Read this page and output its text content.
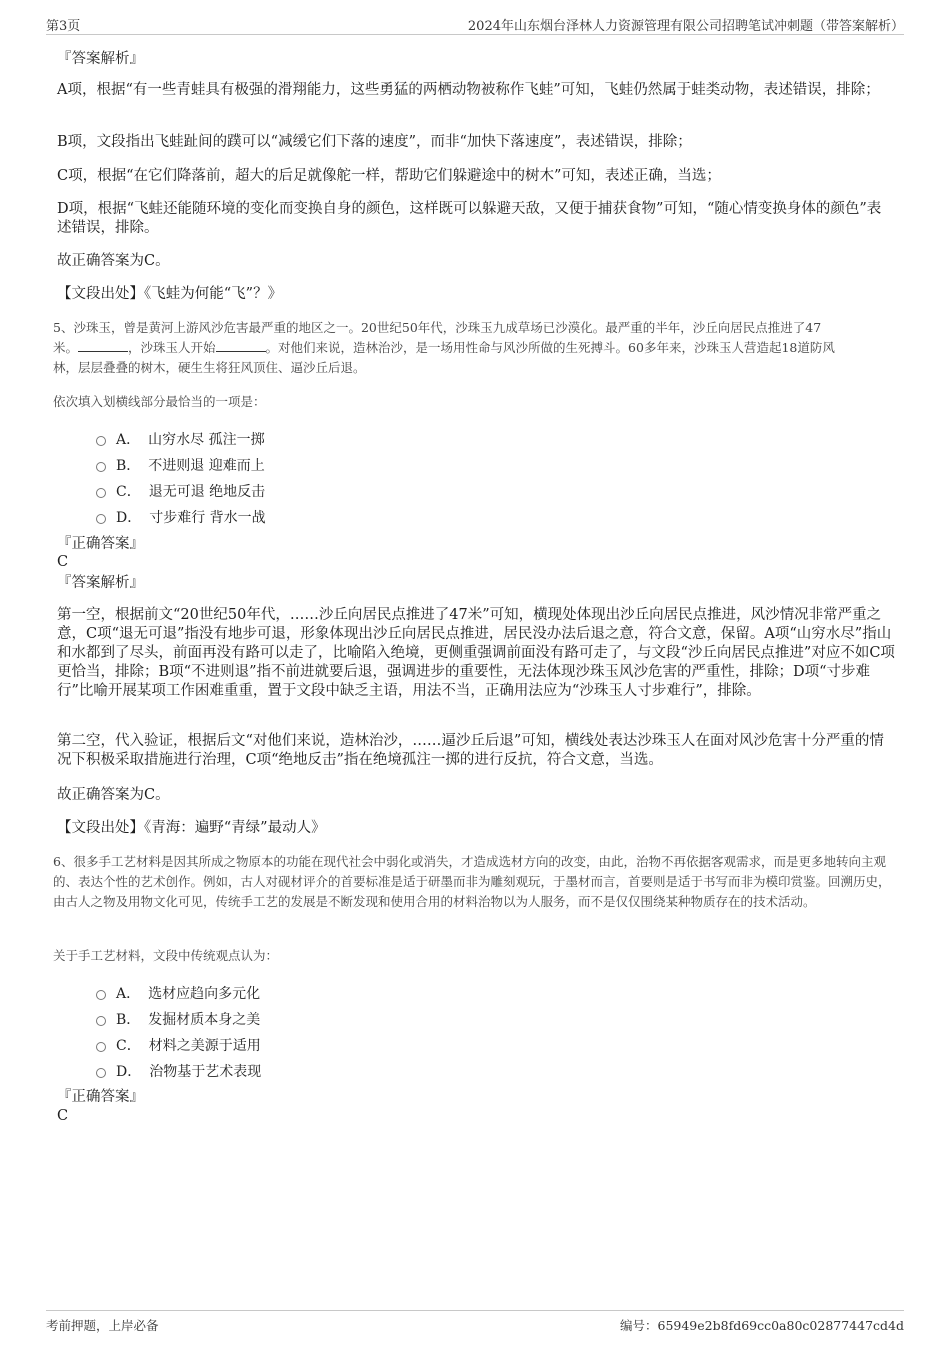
第3页	2024年山东烟台泽林人力资源管理有限公司招聘笔试冲刺题（带答案解析）
『答案解析』
A项，根据“有一些青蛙具有极强的滑翔能力，这些勇猛的两栖动物被称作飞蛙”可知，飞蛙仍然属于蛙类动物，表述错误，排除；
B项，文段指出飞蛙趾间的蹼可以“减缓它们下落的速度”，而非“加快下落速度”，表述错误，排除；
C项，根据“在它们降落前，超大的后足就像舵一样，帮助它们躲避途中的树木”可知，表述正确，当选；
D项，根据“飞蛙还能随环境的变化而变换自身的颜色，这样既可以躲避天敌，又便于捕获食物”可知，“随心情变换身体的颜色”表述错误，排除。
故正确答案为C。
【文段出处】《飞蛙为何能“飞”？》
5、沙珠玉，曾是黄河上游风沙危害最严重的地区之一。20世纪50年代，沙珠玉九成草场已沙漠化。最严重的半年，沙丘向居民点推进了47
米。	，沙珠玉人开始	。对他们来说，造林治沙，是一场用性命与风沙所做的生死搏斗。60多年来，沙珠玉人营造起18道防风
林，层层叠叠的树木，硬生生将狂风顶住、逼沙丘后退。
依次填入划横线部分最恰当的一项是：
A． 山穷水尽 孤注一掷
B． 不进则退 迎难而上
C． 退无可退 绝地反击
D． 寸步难行 背水一战
『正确答案』
C
『答案解析』
第一空，根据前文“20世纪50年代，……沙丘向居民点推进了47米”可知，横现处体现出沙丘向居民点推进，风沙情况非常严重之意，C项“退无可退”指没有地步可退，形象体现出沙丘向居民点推进，居民没办法后退之意，符合文意，保留。A项“山穷水尽”指山和水都到了尽头，前面再没有路可以走了，比喻陷入绝境，更侧重强调前面没有路可走了，与文段“沙丘向居民点推进”对应不如C项更恰当，排除；B项“不进则退”指不前进就要后退，强调进步的重要性，无法体现沙珠玉风沙危害的严重性，排除；D项“寸步难行”比喻开展某项工作困难重重，置于文段中缺乏主语，用法不当，正确用法应为“沙珠玉人寸步难行”，排除。
第二空，代入验证，根据后文“对他们来说，造林治沙，……逼沙丘后退”可知，横线处表达沙珠玉人在面对风沙危害十分严重的情况下积极采取措施进行治理，C项“绝地反击”指在绝境孤注一掷的进行反抗，符合文意，当选。
故正确答案为C。
【文段出处】《青海：遍野“青绿”最动人》
6、很多手工艺材料是因其所成之物原本的功能在现代社会中弱化或消失，才造成选材方向的改变，由此，治物不再依据客观需求，而是更多地转向主观的、表达个性的艺术创作。例如，古人对砚材评介的首要标准是适于研墨而非为雕刻观玩，于墨材而言，首要则是适于书写而非为模印赏鉴。回溯历史，由古人之物及用物文化可见，传统手工艺的发展是不断发现和使用合用的材料治物以为人服务，而不是仅仅围绕某种物质存在的技术活动。
关于手工艺材料，文段中传统观点认为：
A． 选材应趋向多元化
B． 发掘材质本身之美
C． 材料之美源于适用
D． 治物基于艺术表现
『正确答案』
C
考前押题，上岸必备	编号：65949e2b8fd69cc0a80c02877447cd4d
